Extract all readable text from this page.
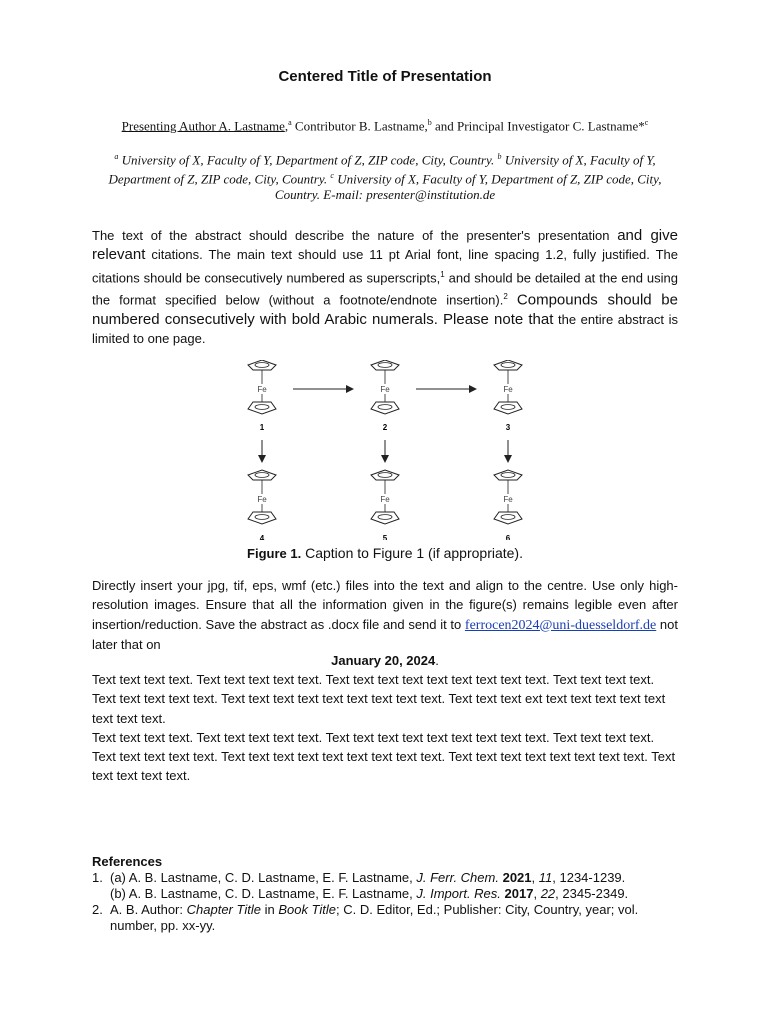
Centered Title of Presentation
Presenting Author A. Lastname,$^a$ Contributor B. Lastname,$^b$ and Principal Investigator C. Lastname*$^c$
$^a$ University of X, Faculty of Y, Department of Z, ZIP code, City, Country. $^b$ University of X, Faculty of Y, Department of Z, ZIP code, City, Country. $^c$ University of X, Faculty of Y, Department of Z, ZIP code, City, Country. E-mail: presenter@institution.de
The text of the abstract should describe the nature of the presenter's presentation and give relevant citations. The main text should use 11 pt Arial font, line spacing 1.2, fully justified. The citations should be consecutively numbered as superscripts,$^1$ and should be detailed at the end using the format specified below (without a footnote/endnote insertion).$^2$ Compounds should be numbered consecutively with bold Arabic numerals. Please note that the entire abstract is limited to one page.
Fe	Fe	Fe
Fe	Fe	Fe
1	2	3
4	5	6
Figure 1. Caption to Figure 1 (if appropriate).
Directly insert your jpg, tif, eps, wmf (etc.) files into the text and align to the centre. Use only high-resolution images. Ensure that all the information given in the figure(s) remains legible even after insertion/reduction. Save the abstract as .docx file and send it to ferrocen2024@uni-duesseldorf.de not later that on
January 20, 2024.
Text text text text. Text text text text text. Text text text text text text text text text. Text text text text. Text text text text text. Text text text text text text text text text. Text text text ext text text text text text text text text.
Text text text text. Text text text text text. Text text text text text text text text text. Text text text text. Text text text text text. Text text text text text text text text text. Text text text text text text text text. Text text text text text.
References
1. (a) A. B. Lastname, C. D. Lastname, E. F. Lastname, J. Ferr. Chem. 2021, 11, 1234-1239.
(b) A. B. Lastname, C. D. Lastname, E. F. Lastname, J. Import. Res. 2017, 22, 2345-2349.
2. A. B. Author: Chapter Title in Book Title; C. D. Editor, Ed.; Publisher: City, Country, year; vol. number, pp. xx-yy.
